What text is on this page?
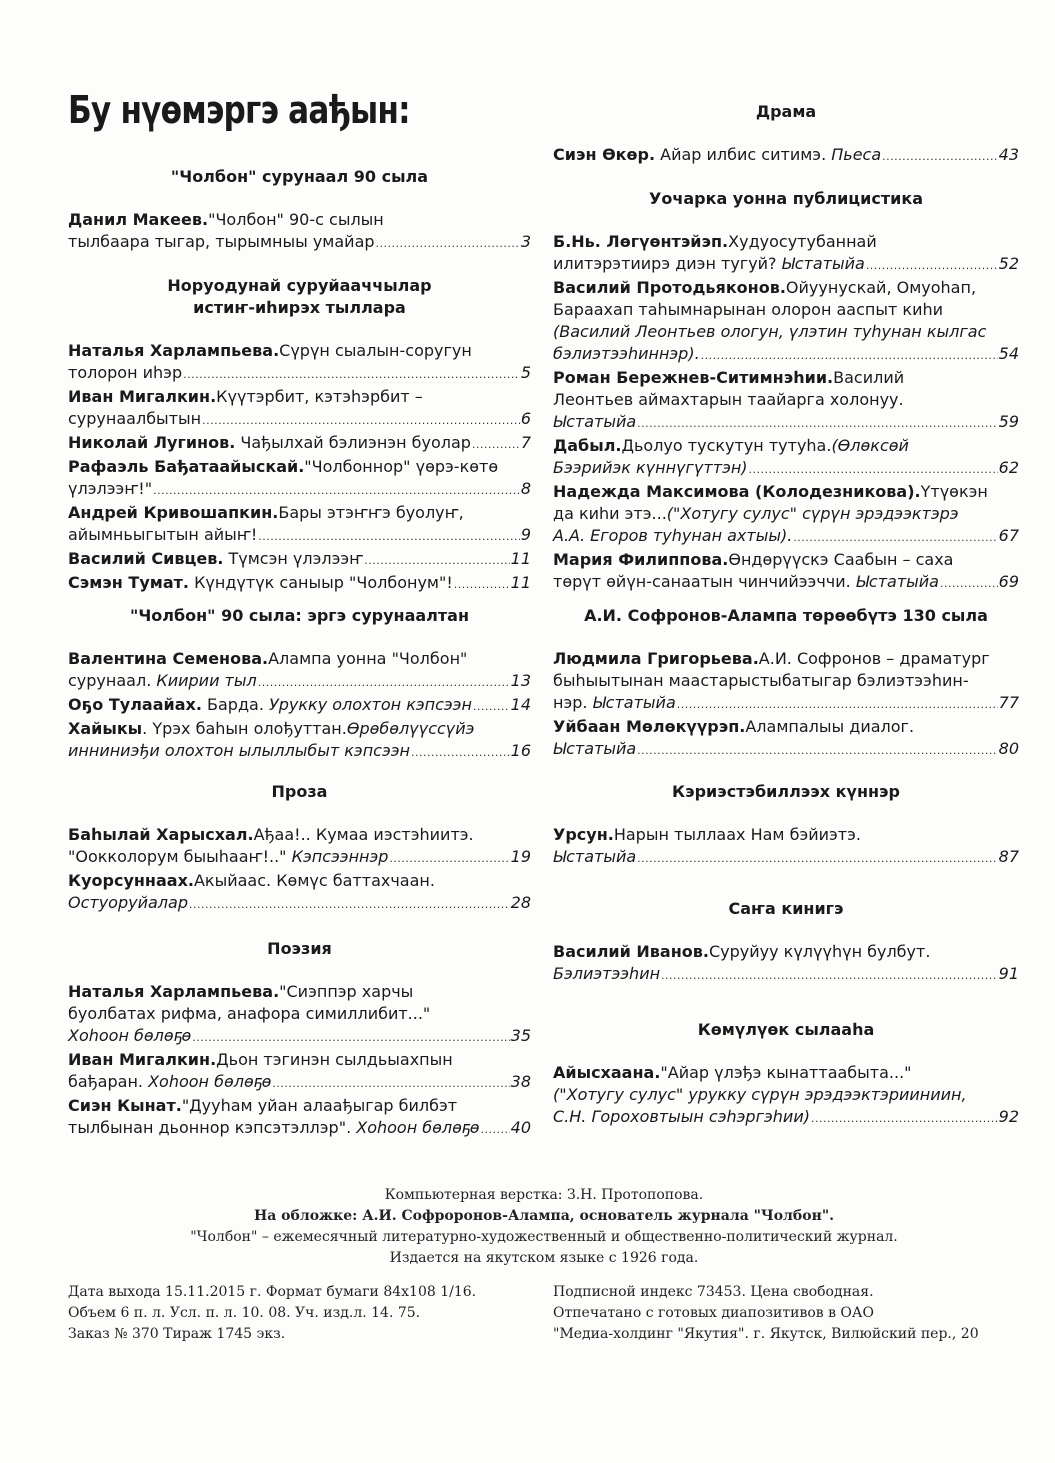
Бу нүөмэргэ аађын:
"Чолбон" сурунаал 90 сыла
Данил Макеев. "Чолбон" 90-с сылын
тылбаара тыгар, тырымныы умайар .....	3
Норуодунай суруйааччылар
истиҥ-иһирэх тыллара
Наталья Харлампьева. Сүрүн сыалын-соругун
толорон иһэр .....	5
Иван Мигалкин. Күүтэрбит, кэтэһэрбит –
сурунаалбытын .....	6
Николай Лугинов. Чађылхай бэлиэнэн буолар .....	7
Рафаэль Бађатаайыскай. "Чолбоннор" үөрэ-көтө
үлэлээҥ!" .....	8
Андрей Кривошапкин. Бары этэҥҥэ буолуҥ,
айымньыгытын айыҥ! .....	9
Василий Сивцев. Түмсэн үлэлээҥ .....	11
Сэмэн Тумат. Күндүтүк саныыр "Чолбонум"! .....	11
"Чолбон" 90 сыла: эргэ сурунаалтан
Валентина Семенова. Алампа уонна "Чолбон"
сурунаал. Киирии тыл .....	13
Оҕо Тулаайах. Барда. Урукку олохтон кэпсээн ..... 14
Хайыкы . Үрэх баһын олођуттан. Өрөбөлүүссүйэ
инниниэђи олохтон ылыллыбыт кэпсээн .....	16
Проза
Баһылай Харысхал. Ађаа!.. Кумаа иэстэһиитэ.
"Оокколорум быыһааҥ!.." Кэпсээннэр .....	19
Куорсуннаах. Акыйаас. Көмүс баттахчаан.
Остуоруйалар .....	28
Поэзия
Наталья Харлампьева. "Сиэппэр харчы
буолбатах рифма, анафора симиллибит..."
Хоһоон бөлөҕө .....	35
Иван Мигалкин. Дьон тэгинэн сылдьыахпын
бађаран. Хоһоон бөлөҕө .....	38
Сиэн Кынат. "Дууһам уйан алаађыгар билбэт
тылбынан дьоннор кэпсэтэллэр". Хоһоон бөлөҕө ..... 40
Драма
Сиэн Өкөр. Айар илбис ситимэ. Пьеса .....	43
Уочарка уонна публицистика
Б.Нь. Лөгүөнтэйэп. Худуосутубаннай
илитэрэтиирэ диэн тугуй? Ыстатыйа .....	52
Василий Протодьяконов. Ойуунускай, Омуоһап,
Бараахап таһымнарынан олорон ааспыт киһи
(Василий Леонтьев ологун, үлэтин туһунан кылгас
бэлиэтээһиннэр). .....	54
Роман Бережнев-Ситимнэһии. Василий
Леонтьев аймахтарын таайарга холонуу.
Ыстатыйа .....	59
Дабыл. Дьолуо тускутун тутуһа. (Өлөксөй
Бээрийэк күннүгүттэн) .....	62
Надежда Максимова (Колодезникова). Үтүөкэн
да киһи этэ... ("Хотугу сулус" сүрүн эрэдээктэрэ
А.А. Егоров туһунан ахтыы). .....	67
Мария Филиппова. Өндөрүүскэ Саабын – саха
төрүт өйүн-санаатын чинчийээччи. Ыстатыйа .....	69
А.И. Софронов-Алампа төрөөбүтэ 130 сыла
Людмила Григорьева. А.И. Софронов – драматург
быһыытынан маастарыстыбатыгар бэлиэтээһин-
нэр. Ыстатыйа .....	77
Уйбаан Мөлөкүүрэп. Алампалыы диалог.
Ыстатыйа .....	80
Кэриэстэбиллээх күннэр
Урсун. Нарын тыллаах Нам бэйиэтэ.
Ыстатыйа .....	87
Саҥа кинигэ
Василий Иванов. Суруйуу күлүүһүн булбут.
Бэлиэтээһин .....	91
Көмүлүөк сылааһа
Айысхаана. "Айар үлэђэ кынаттаабыта..."
("Хотугу сулус" урукку сүрүн эрэдээктэрииниин,
С.Н. Гороховтыын сэһэргэһии) .....	92
Компьютерная верстка: З.Н. Протопопова.
На обложке: А.И. Софроронов-Алампа, основатель журнала "Чолбон".
"Чолбон" – ежемесячный литературно-художественный и общественно-политический журнал.
Издается на якутском языке с 1926 года.
Дата выхода 15.11.2015 г. Формат бумаги 84х108 1/16.
Объем 6 п. л. Усл. п. л. 10. 08. Уч. изд.л. 14. 75.
Заказ № 370 Тираж 1745 экз.
Подписной индекс 73453. Цена свободная.
Отпечатано с готовых диапозитивов в ОАО
"Медиа-холдинг "Якутия". г. Якутск, Вилюйский пер., 20
